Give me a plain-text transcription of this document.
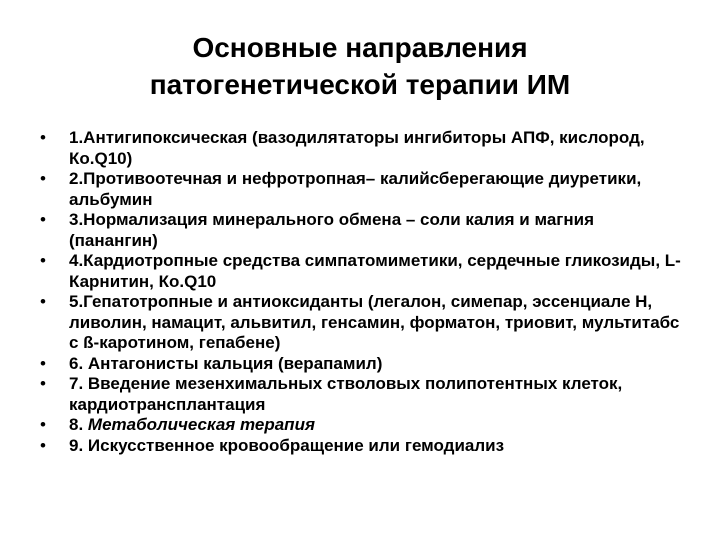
Основные направления
патогенетической терапии ИМ
• 1.Антигипоксическая (вазодилятаторы ингибиторы АПФ, кислород, Ко.Q10)
• 2.Противоотечная и нефротропная– калийсберегающие диуретики, альбумин
• 3.Нормализация минерального обмена – соли калия и магния (панангин)
• 4.Кардиотропные средства симпатомиметики, сердечные гликозиды, L-Карнитин, Ко.Q10
• 5.Гепатотропные и антиоксиданты (легалон, симепар, эссенциале Н, ливолин, намацит, альвитил, генсамин, форматон, триовит, мультитабс с ß-каротином, гепабене)
• 6. Антагонисты кальция (верапамил)
• 7. Введение мезенхимальных стволовых полипотентных клеток, кардиотрансплантация
• 8. Метаболическая терапия
• 9. Искусственное кровообращение или гемодиализ
